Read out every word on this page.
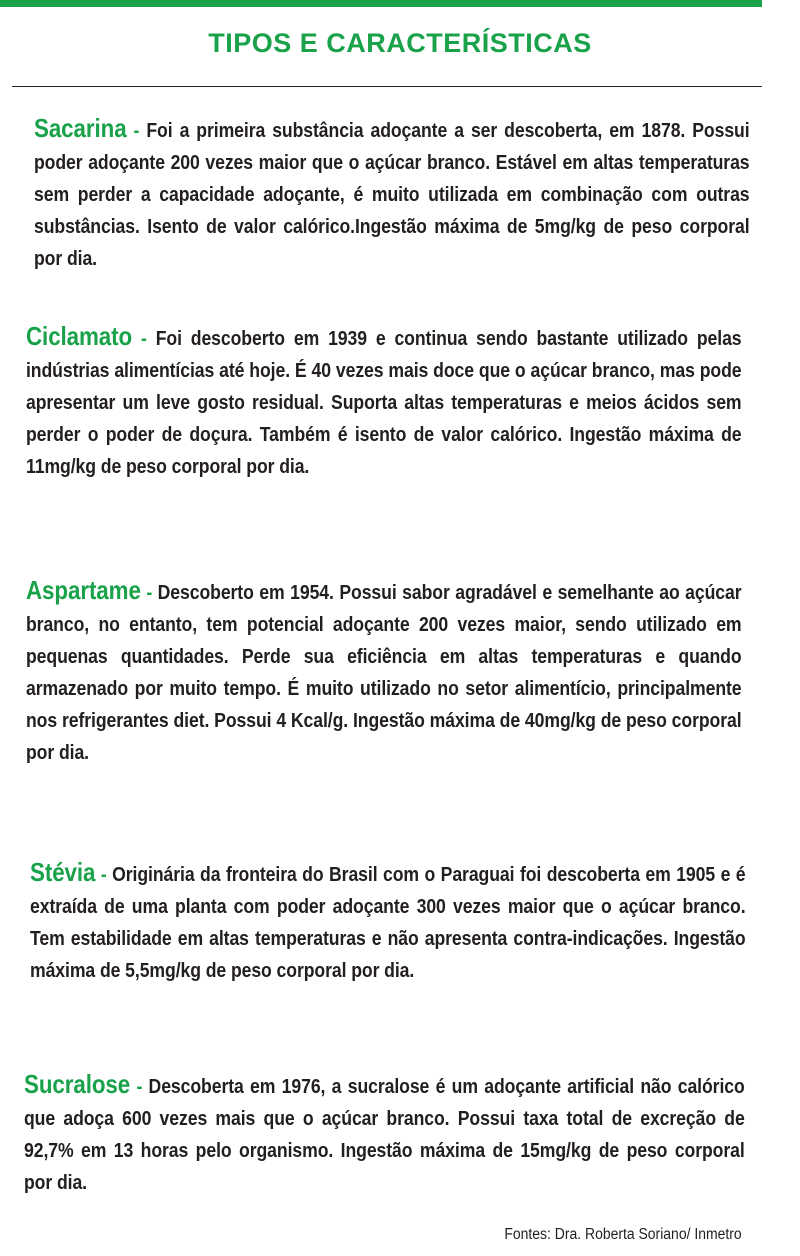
TIPOS E CARACTERÍSTICAS

Sacarina - Foi a primeira substância adoçante a ser descoberta, em 1878. Possui poder adoçante 200 vezes maior que o açúcar branco. Estável em altas temperaturas sem perder a capacidade adoçante, é muito utilizada em combinação com outras substâncias. Isento de valor calórico.Ingestão máxima de 5mg/kg de peso corporal por dia.

Ciclamato - Foi descoberto em 1939 e continua sendo bastante utilizado pelas indústrias alimentícias até hoje. É 40 vezes mais doce que o açúcar branco, mas pode apresentar um leve gosto residual. Suporta altas temperaturas e meios ácidos sem perder o poder de doçura. Também é isento de valor calórico. Ingestão máxima de 11mg/kg de peso corporal por dia.

Aspartame - Descoberto em 1954. Possui sabor agradável e semelhante ao açúcar branco, no entanto, tem potencial adoçante 200 vezes maior, sendo utilizado em pequenas quantidades. Perde sua eficiência em altas temperaturas e quando armazenado por muito tempo. É muito utilizado no setor alimentício, principalmente nos refrigerantes diet. Possui 4 Kcal/g. Ingestão máxima de 40mg/kg de peso corporal por dia.

Stévia - Originária da fronteira do Brasil com o Paraguai foi descoberta em 1905 e é extraída de uma planta com poder adoçante 300 vezes maior que o açúcar branco. Tem estabilidade em altas temperaturas e não apresenta contra-indicações. Ingestão máxima de 5,5mg/kg de peso corporal por dia.

Sucralose - Descoberta em 1976, a sucralose é um adoçante artificial não calórico que adoça 600 vezes mais que o açúcar branco. Possui taxa total de excreção de 92,7% em 13 horas pelo organismo. Ingestão máxima de 15mg/kg de peso corporal por dia.

Fontes: Dra. Roberta Soriano/ Inmetro
